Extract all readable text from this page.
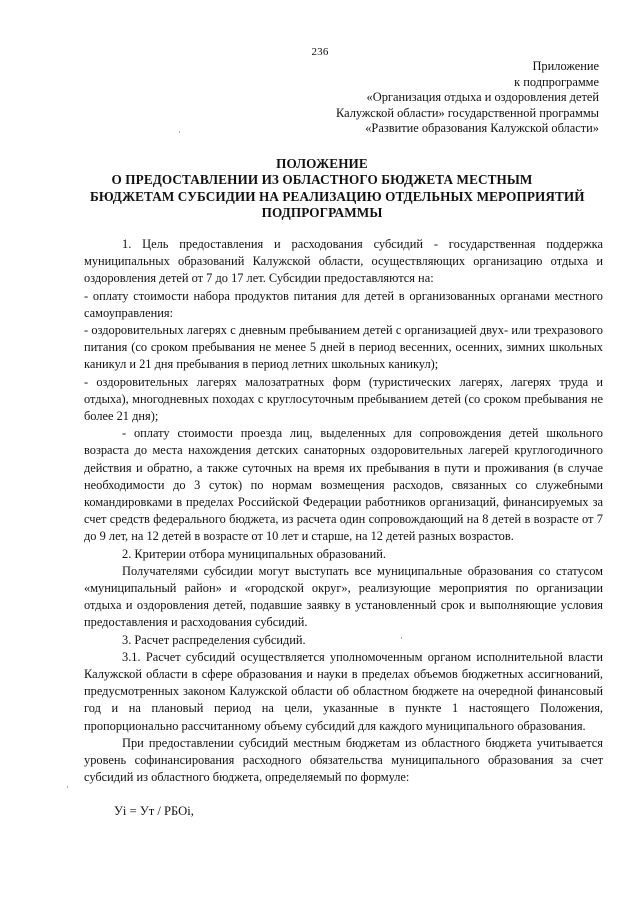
236
Приложение
к подпрограмме
«Организация отдыха и оздоровления детей
Калужской области» государственной программы
«Развитие образования Калужской области»
ПОЛОЖЕНИЕ
О ПРЕДОСТАВЛЕНИИ ИЗ ОБЛАСТНОГО БЮДЖЕТА МЕСТНЫМ
БЮДЖЕТАМ СУБСИДИИ НА РЕАЛИЗАЦИЮ ОТДЕЛЬНЫХ МЕРОПРИЯТИЙ
ПОДПРОГРАММЫ

1. Цель предоставления и расходования субсидий - государственная поддержка муниципальных образований Калужской области, осуществляющих организацию отдыха и оздоровления детей от 7 до 17 лет. Субсидии предоставляются на:

- оплату стоимости набора продуктов питания для детей в организованных органами местного самоуправления:

- оздоровительных лагерях с дневным пребыванием детей с организацией двух- или трехразового питания (со сроком пребывания не менее 5 дней в период весенних, осенних, зимних школьных каникул и 21 дня пребывания в период летних школьных каникул);

- оздоровительных лагерях малозатратных форм (туристических лагерях, лагерях труда и отдыха), многодневных походах с круглосуточным пребыванием детей (со сроком пребывания не более 21 дня);

- оплату стоимости проезда лиц, выделенных для сопровождения детей школьного возраста до места нахождения детских санаторных оздоровительных лагерей круглогодичного действия и обратно, а также суточных на время их пребывания в пути и проживания (в случае необходимости до 3 суток) по нормам возмещения расходов, связанных со служебными командировками в пределах Российской Федерации работников организаций, финансируемых за счет средств федерального бюджета, из расчета один сопровождающий на 8 детей в возрасте от 7 до 9 лет, на 12 детей в возрасте от 10 лет и старше, на 12 детей разных возрастов.

2. Критерии отбора муниципальных образований.

Получателями субсидии могут выступать все муниципальные образования со статусом «муниципальный район» и «городской округ», реализующие мероприятия по организации отдыха и оздоровления детей, подавшие заявку в установленный срок и выполняющие условия предоставления и расходования субсидий.

3. Расчет распределения субсидий.

3.1. Расчет субсидий осуществляется уполномоченным органом исполнительной власти Калужской области в сфере образования и науки в пределах объемов бюджетных ассигнований, предусмотренных законом Калужской области об областном бюджете на очередной финансовый год и на плановый период на цели, указанные в пункте 1 настоящего Положения, пропорционально рассчитанному объему субсидий для каждого муниципального образования.

При предоставлении субсидий местным бюджетам из областного бюджета учитывается уровень софинансирования расходного обязательства муниципального образования за счет субсидий из областного бюджета, определяемый по формуле:

Уi = Ут / РБОi,
·
·
·
